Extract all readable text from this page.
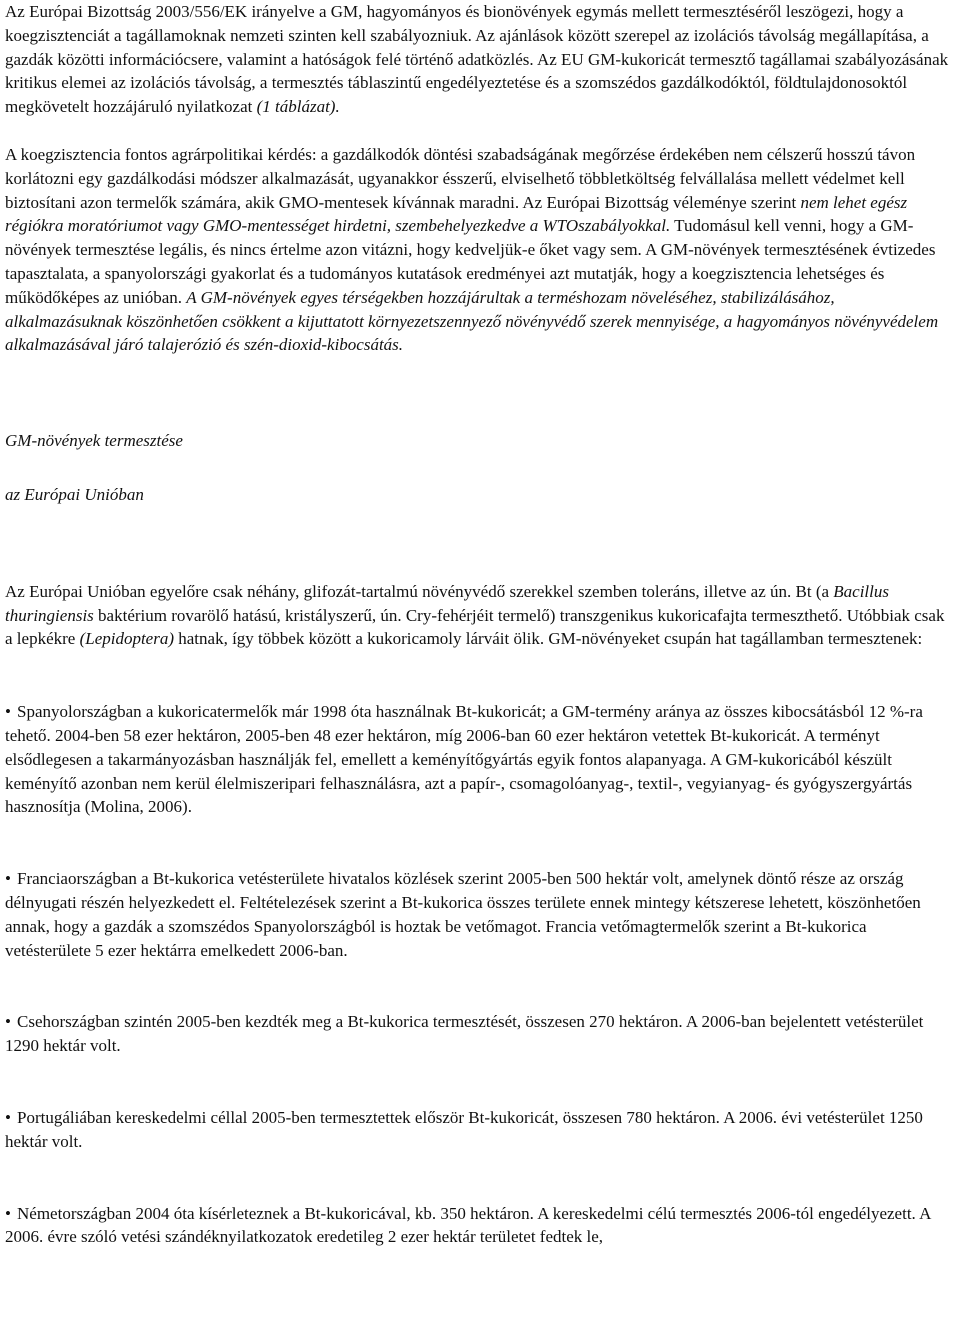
Az Európai Bizottság 2003/556/EK irányelve a GM, hagyományos és bionövények egymás mellett termesztéséről leszögezi, hogy a koegzisztenciát a tagállamoknak nemzeti szinten kell szabályozniuk. Az ajánlások között szerepel az izolációs távolság megállapítása, a gazdák közötti információcsere, valamint a hatóságok felé történő adatközlés. Az EU GM-kukoricát termesztő tagállamai szabályozásának kritikus elemei az izolációs távolság, a termesztés táblaszintű engedélyeztetése és a szomszédos gazdálkodóktól, földtulajdonosoktól megkövetelt hozzájáruló nyilatkozat (1 táblázat).

A koegzisztencia fontos agrárpolitikai kérdés: a gazdálkodók döntési szabadságának megőrzése érdekében nem célszerű hosszú távon korlátozni egy gazdálkodási módszer alkalmazását, ugyanakkor ésszerű, elviselhető többletköltség felvállalása mellett védelmet kell biztosítani azon termelők számára, akik GMO-mentesek kívánnak maradni. Az Európai Bizottság véleménye szerint nem lehet egész régiókra moratóriumot vagy GMO-mentességet hirdetni, szembehelyezkedve a WTOszabályokkal. Tudomásul kell venni, hogy a GM-növények termesztése legális, és nincs értelme azon vitázni, hogy kedveljük-e őket vagy sem. A GM-növények termesztésének évtizedes tapasztalata, a spanyolországi gyakorlat és a tudományos kutatások eredményei azt mutatják, hogy a koegzisztencia lehetséges és működőképes az unióban. A GM-növények egyes térségekben hozzájárultak a terméshozam növeléséhez, stabilizálásához, alkalmazásuknak köszönhetően csökkent a kijuttatott környezetszennyező növényvédő szerek mennyisége, a hagyományos növényvédelem alkalmazásával járó talajerózió és szén-dioxid-kibocsátás.

GM-növények termesztése

az Európai Unióban

Az Európai Unióban egyelőre csak néhány, glifozát-tartalmú növényvédő szerekkel szemben toleráns, illetve az ún. Bt (a Bacillus thuringiensis baktérium rovarölő hatású, kristályszerű, ún. Cry-fehérjéit termelő) transzgenikus kukoricafajta termeszthető. Utóbbiak csak a lepkékre (Lepidoptera) hatnak, így többek között a kukoricamoly lárváit ölik. GM-növényeket csupán hat tagállamban termesztenek:

• Spanyolországban a kukoricatermelők már 1998 óta használnak Bt-kukoricát; a GM-termény aránya az összes kibocsátásból 12 %-ra tehető. 2004-ben 58 ezer hektáron, 2005-ben 48 ezer hektáron, míg 2006-ban 60 ezer hektáron vetettek Bt-kukoricát. A terményt elsődlegesen a takarmányozásban használják fel, emellett a keményítőgyártás egyik fontos alapanyaga. A GM-kukoricából készült keményítő azonban nem kerül élelmiszeripari felhasználásra, azt a papír-, csomagolóanyag-, textil-, vegyianyag- és gyógyszergyártás hasznosítja (Molina, 2006).

• Franciaországban a Bt-kukorica vetésterülete hivatalos közlések szerint 2005-ben 500 hektár volt, amelynek döntő része az ország délnyugati részén helyezkedett el. Feltételezések szerint a Bt-kukorica összes területe ennek mintegy kétszerese lehetett, köszönhetően annak, hogy a gazdák a szomszédos Spanyolországból is hoztak be vetőmagot. Francia vetőmagtermelők szerint a Bt-kukorica vetésterülete 5 ezer hektárra emelkedett 2006-ban.

• Csehországban szintén 2005-ben kezdték meg a Bt-kukorica termesztését, összesen 270 hektáron. A 2006-ban bejelentett vetésterület 1290 hektár volt.

• Portugáliában kereskedelmi céllal 2005-ben termesztettek először Bt-kukoricát, összesen 780 hektáron. A 2006. évi vetésterület 1250 hektár volt.

• Németországban 2004 óta kísérleteznek a Bt-kukoricával, kb. 350 hektáron. A kereskedelmi célú termesztés 2006-tól engedélyezett. A 2006. évre szóló vetési szándéknyilatkozatok eredetileg 2 ezer hektár területet fedtek le,
